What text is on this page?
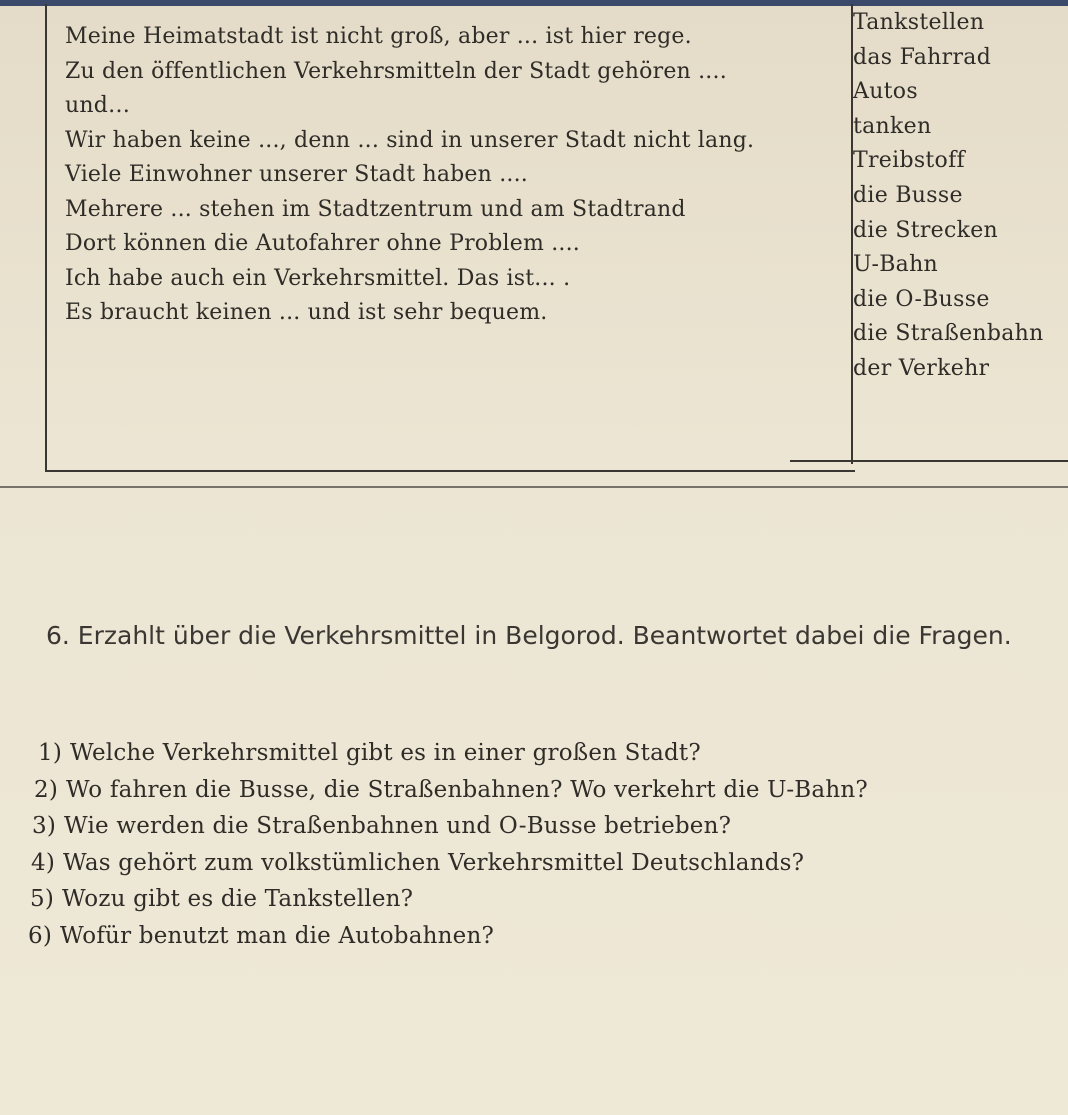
Meine Heimatstadt ist nicht groß, aber ... ist hier rege.
Zu den öffentlichen Verkehrsmitteln der Stadt gehören ....
und…
Wir haben keine ..., denn ... sind in unserer Stadt nicht lang.
Viele Einwohner unserer Stadt haben ....
Mehrere ... stehen im Stadtzentrum und am Stadtrand
Dort können die Autofahrer ohne Problem ....
Ich habe auch ein Verkehrsmittel. Das ist... .
Es braucht keinen ... und ist sehr bequem.
Tankstellen
das Fahrrad
Autos
tanken
Treibstoff
die Busse
die Strecken
U-Bahn
die O-Busse
die Straßenbahn
der Verkehr

6. Erzahlt über die Verkehrsmittel in Belgorod. Beantwortet dabei die Fragen.

1) Welche Verkehrsmittel gibt es in einer großen Stadt?
2) Wo fahren die Busse, die Straßenbahnen? Wo verkehrt die U-Bahn?
3) Wie werden die Straßenbahnen und O-Busse betrieben?
4) Was gehört zum volkstümlichen Verkehrsmittel Deutschlands?
5) Wozu gibt es die Tankstellen?
6) Wofür benutzt man die Autobahnen?
